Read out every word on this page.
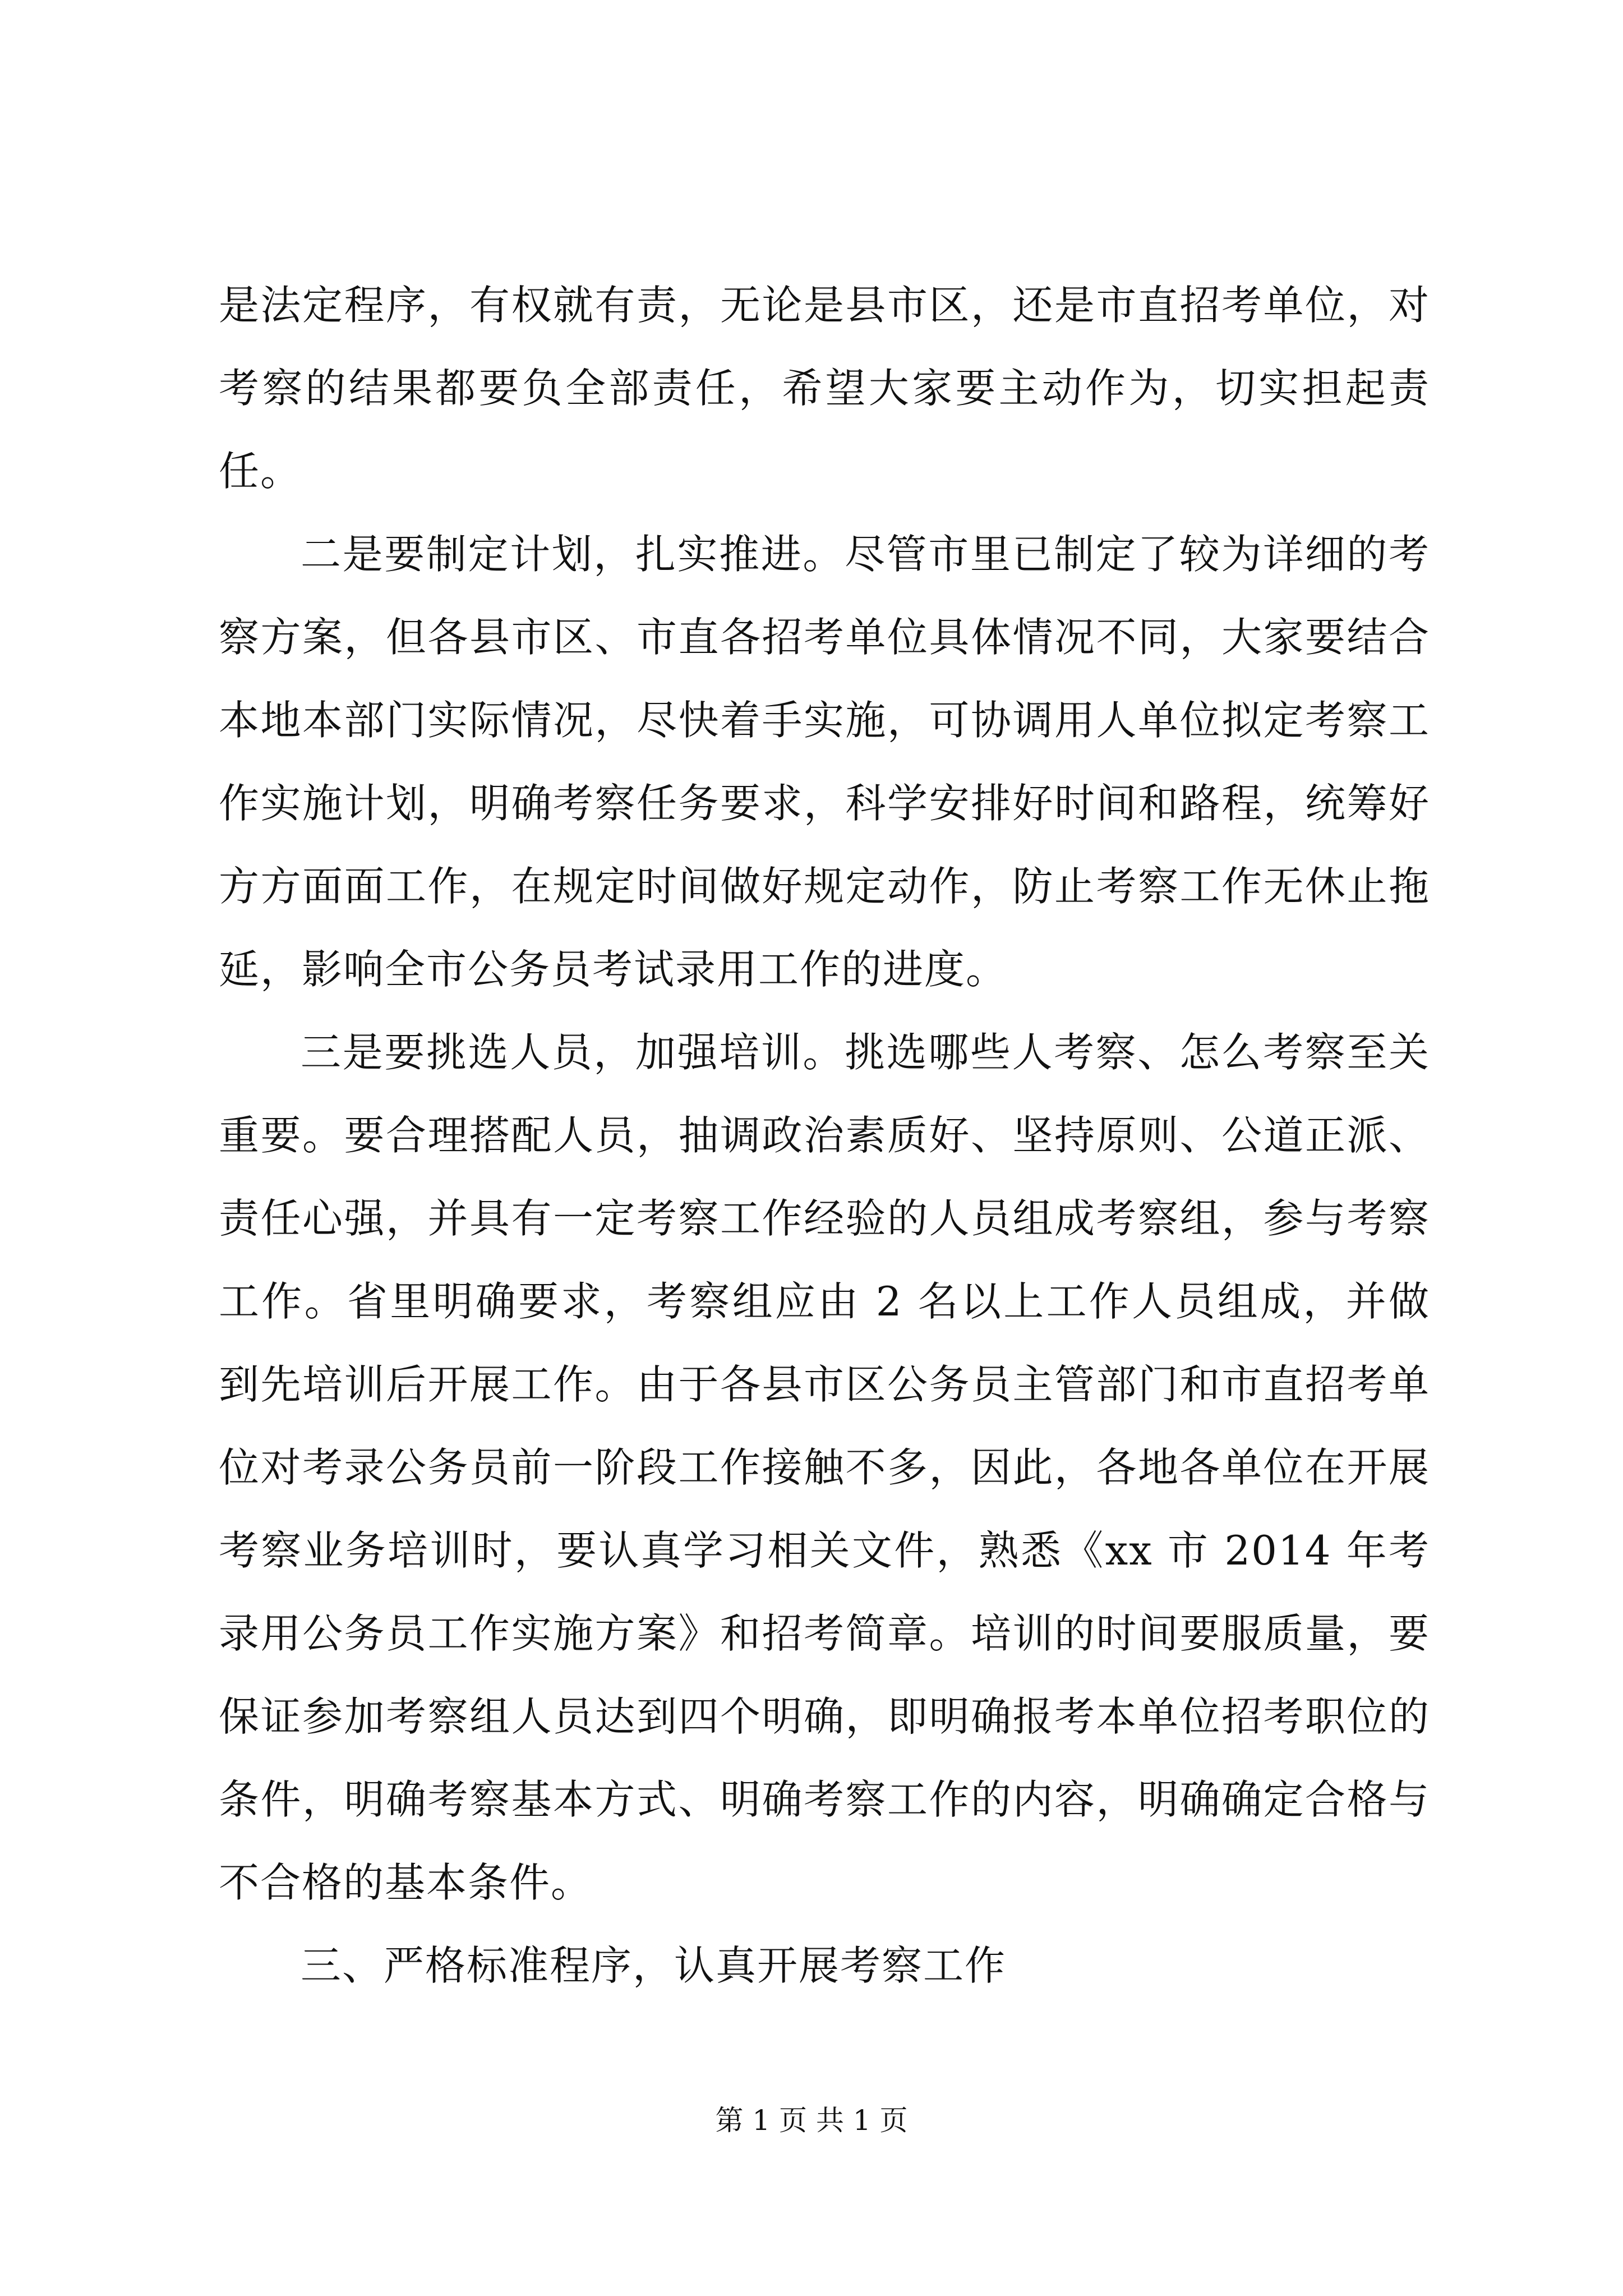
是法定程序，有权就有责，无论是县市区，还是市直招考单位，对考察的结果都要负全部责任，希望大家要主动作为，切实担起责任。

二是要制定计划，扎实推进。尽管市里已制定了较为详细的考察方案，但各县市区、市直各招考单位具体情况不同，大家要结合本地本部门实际情况，尽快着手实施，可协调用人单位拟定考察工作实施计划，明确考察任务要求，科学安排好时间和路程，统筹好方方面面工作，在规定时间做好规定动作，防止考察工作无休止拖延，影响全市公务员考试录用工作的进度。

三是要挑选人员，加强培训。挑选哪些人考察、怎么考察至关重要。要合理搭配人员，抽调政治素质好、坚持原则、公道正派、责任心强，并具有一定考察工作经验的人员组成考察组，参与考察工作。省里明确要求，考察组应由 2 名以上工作人员组成，并做到先培训后开展工作。由于各县市区公务员主管部门和市直招考单位对考录公务员前一阶段工作接触不多，因此，各地各单位在开展考察业务培训时，要认真学习相关文件，熟悉《xx 市 2014 年考录用公务员工作实施方案》和招考简章。培训的时间要服质量，要保证参加考察组人员达到四个明确，即明确报考本单位招考职位的条件，明确考察基本方式、明确考察工作的内容，明确确定合格与不合格的基本条件。

三、严格标准程序，认真开展考察工作

第 1 页 共 1 页
